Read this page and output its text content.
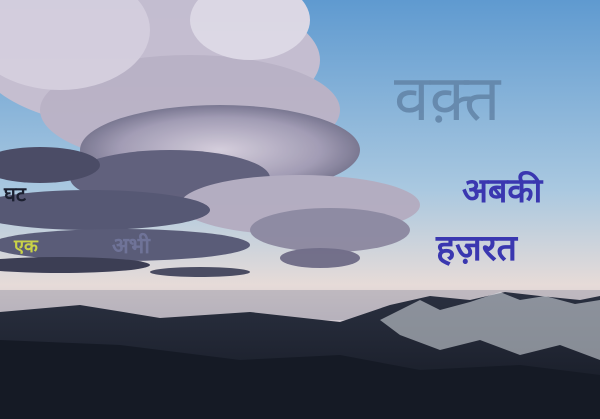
वक़्त
अबकी
हज़रत
घट
एक	अभी
